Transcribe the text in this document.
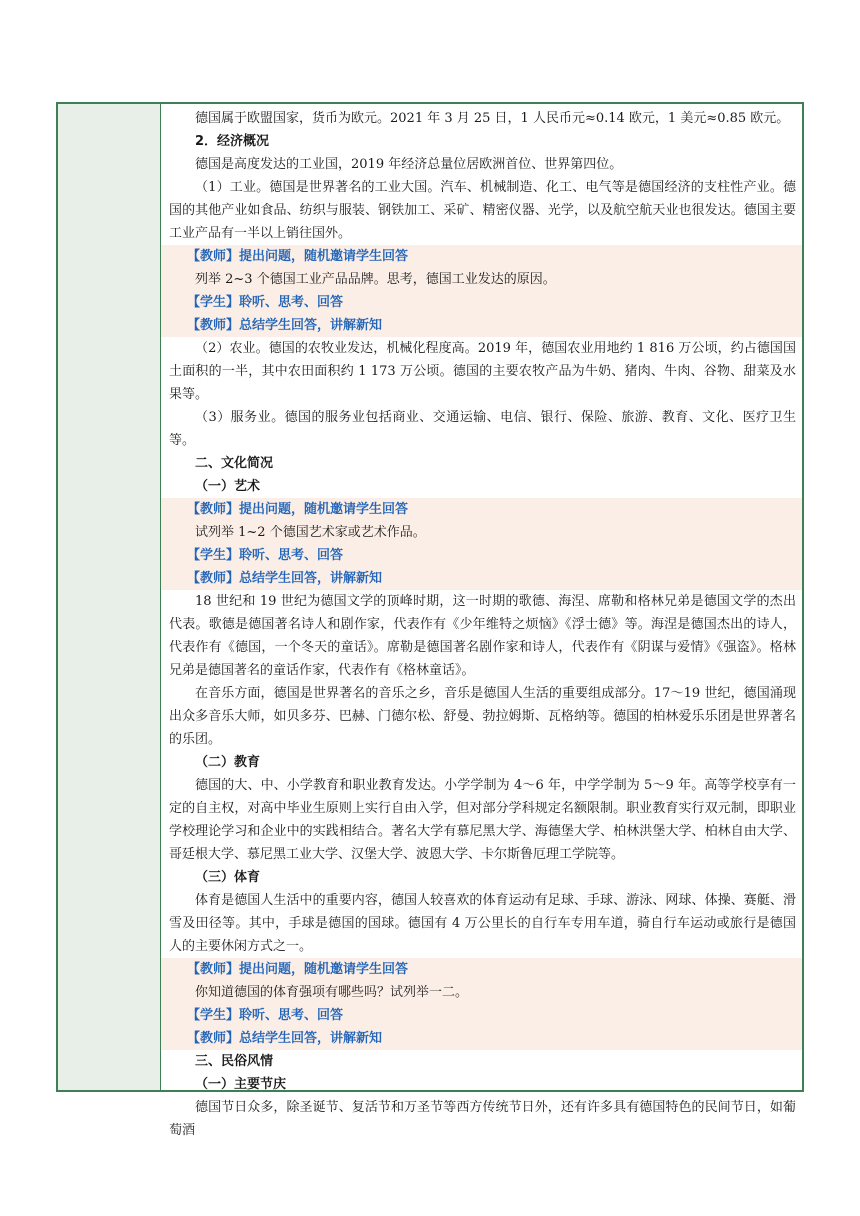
德国属于欧盟国家，货币为欧元。2021 年 3 月 25 日，1 人民币元≈0.14 欧元，1 美元≈0.85 欧元。

2．经济概况

德国是高度发达的工业国，2019 年经济总量位居欧洲首位、世界第四位。

（1）工业。德国是世界著名的工业大国。汽车、机械制造、化工、电气等是德国经济的支柱性产业。德国的其他产业如食品、纺织与服装、钢铁加工、采矿、精密仪器、光学，以及航空航天业也很发达。德国主要工业产品有一半以上销往国外。

【教师】提出问题，随机邀请学生回答

列举 2~3 个德国工业产品品牌。思考，德国工业发达的原因。

【学生】聆听、思考、回答

【教师】总结学生回答，讲解新知

（2）农业。德国的农牧业发达，机械化程度高。2019 年，德国农业用地约 1 816 万公顷，约占德国国土面积的一半，其中农田面积约 1 173 万公顷。德国的主要农牧产品为牛奶、猪肉、牛肉、谷物、甜菜及水果等。

（3）服务业。德国的服务业包括商业、交通运输、电信、银行、保险、旅游、教育、文化、医疗卫生等。

二、文化简况

（一）艺术

【教师】提出问题，随机邀请学生回答

试列举 1~2 个德国艺术家或艺术作品。

【学生】聆听、思考、回答

【教师】总结学生回答，讲解新知

18 世纪和 19 世纪为德国文学的顶峰时期，这一时期的歌德、海涅、席勒和格林兄弟是德国文学的杰出代表。歌德是德国著名诗人和剧作家，代表作有《少年维特之烦恼》《浮士德》等。海涅是德国杰出的诗人，代表作有《德国，一个冬天的童话》。席勒是德国著名剧作家和诗人，代表作有《阴谋与爱情》《强盗》。格林兄弟是德国著名的童话作家，代表作有《格林童话》。

在音乐方面，德国是世界著名的音乐之乡，音乐是德国人生活的重要组成部分。17～19 世纪，德国涌现出众多音乐大师，如贝多芬、巴赫、门德尔松、舒曼、勃拉姆斯、瓦格纳等。德国的柏林爱乐乐团是世界著名的乐团。

（二）教育

德国的大、中、小学教育和职业教育发达。小学学制为 4～6 年，中学学制为 5～9 年。高等学校享有一定的自主权，对高中毕业生原则上实行自由入学，但对部分学科规定名额限制。职业教育实行双元制，即职业学校理论学习和企业中的实践相结合。著名大学有慕尼黑大学、海德堡大学、柏林洪堡大学、柏林自由大学、哥廷根大学、慕尼黑工业大学、汉堡大学、波恩大学、卡尔斯鲁厄理工学院等。

（三）体育

体育是德国人生活中的重要内容，德国人较喜欢的体育运动有足球、手球、游泳、网球、体操、赛艇、滑雪及田径等。其中，手球是德国的国球。德国有 4 万公里长的自行车专用车道，骑自行车运动或旅行是德国人的主要休闲方式之一。

【教师】提出问题，随机邀请学生回答

你知道德国的体育强项有哪些吗？试列举一二。

【学生】聆听、思考、回答

【教师】总结学生回答，讲解新知

三、民俗风情

（一）主要节庆

德国节日众多，除圣诞节、复活节和万圣节等西方传统节日外，还有许多具有德国特色的民间节日，如葡萄酒
